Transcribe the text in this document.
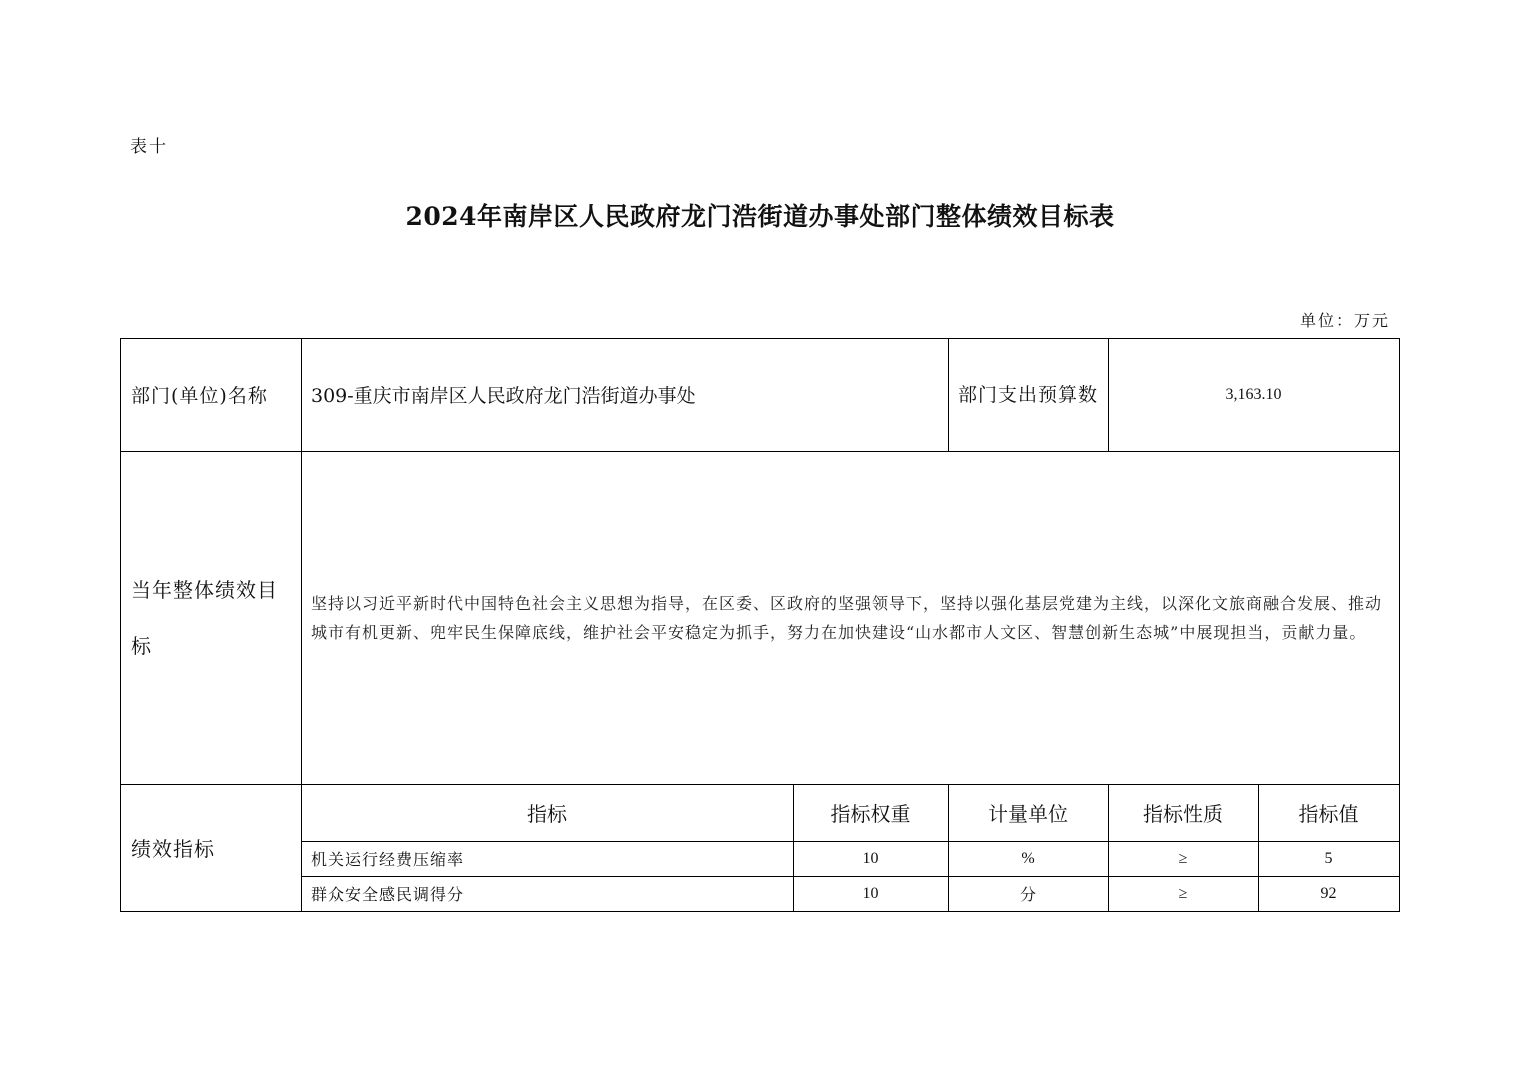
表十
2024年南岸区人民政府龙门浩街道办事处部门整体绩效目标表
单位：万元
部门(单位)名称	309-重庆市南岸区人民政府龙门浩街道办事处	部门支出预算数	3,163.10
当年整体绩效目标
坚持以习近平新时代中国特色社会主义思想为指导，在区委、区政府的坚强领导下，坚持以强化基层党建为主线，以深化文旅商融合发展、推动城市有机更新、兜牢民生保障底线，维护社会平安稳定为抓手，努力在加快建设“山水都市人文区、智慧创新生态城”中展现担当，贡献力量。
绩效指标
指标	指标权重	计量单位	指标性质	指标值
机关运行经费压缩率	10	%	≥	5
群众安全感民调得分	10	分	≥	92
